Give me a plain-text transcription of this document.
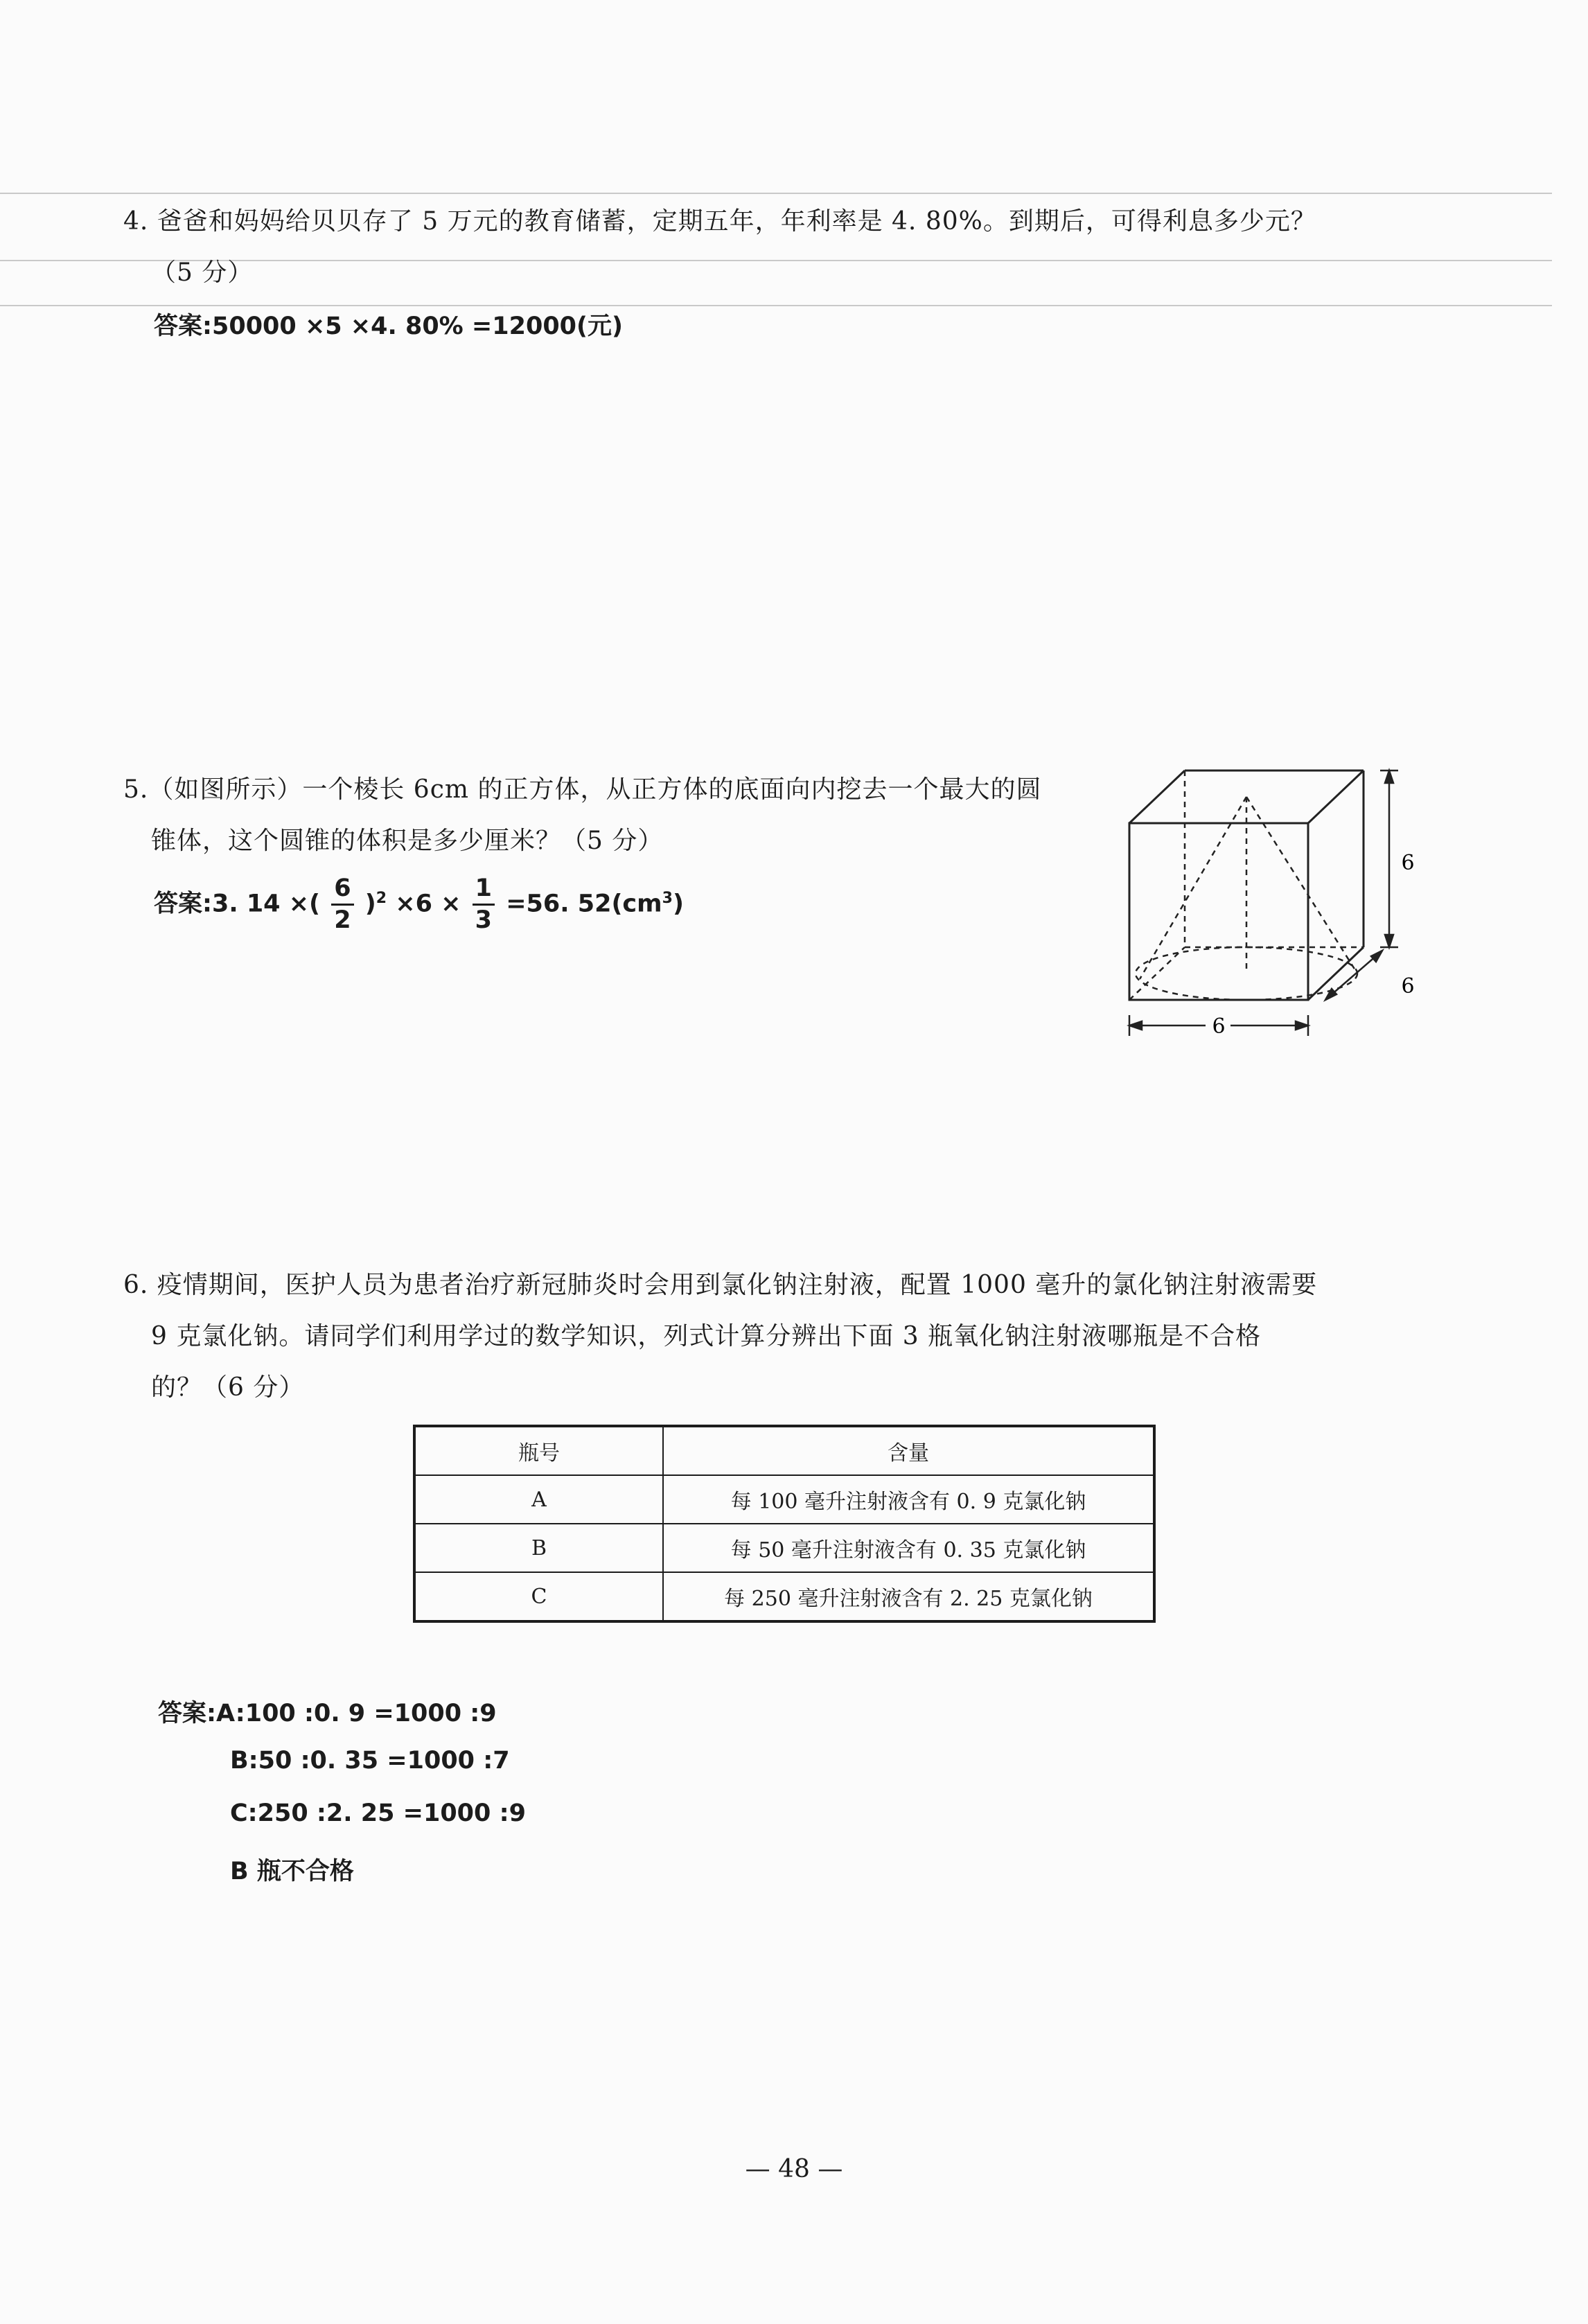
4. 爸爸和妈妈给贝贝存了 5 万元的教育储蓄，定期五年，年利率是 4. 80%。到期后，可得利息多少元？
（5 分）
答案:50000 ×5 ×4. 80% =12000(元)
5.（如图所示）一个棱长 6cm 的正方体，从正方体的底面向内挖去一个最大的圆
锥体，这个圆锥的体积是多少厘米？（5 分）
答案:3. 14 ×( $\frac{6}{2} )^2 \times 6 \times \frac{1}{3} =56$. $52(cm^3)$
6
6
6
6. 疫情期间，医护人员为患者治疗新冠肺炎时会用到氯化钠注射液，配置 1000 毫升的氯化钠注射液需要
9 克氯化钠。请同学们利用学过的数学知识，列式计算分辨出下面 3 瓶氧化钠注射液哪瓶是不合格
的？（6 分）
瓶号	含量
A	每 100 毫升注射液含有 0. 9 克氯化钠
B	每 50 毫升注射液含有 0. 35 克氯化钠
C	每 250 毫升注射液含有 2. 25 克氯化钠
答案:A:100 :0. 9 =1000 :9
B:50 :0. 35 =1000 :7
C:250 :2. 25 =1000 :9
B 瓶不合格
— 48 —
